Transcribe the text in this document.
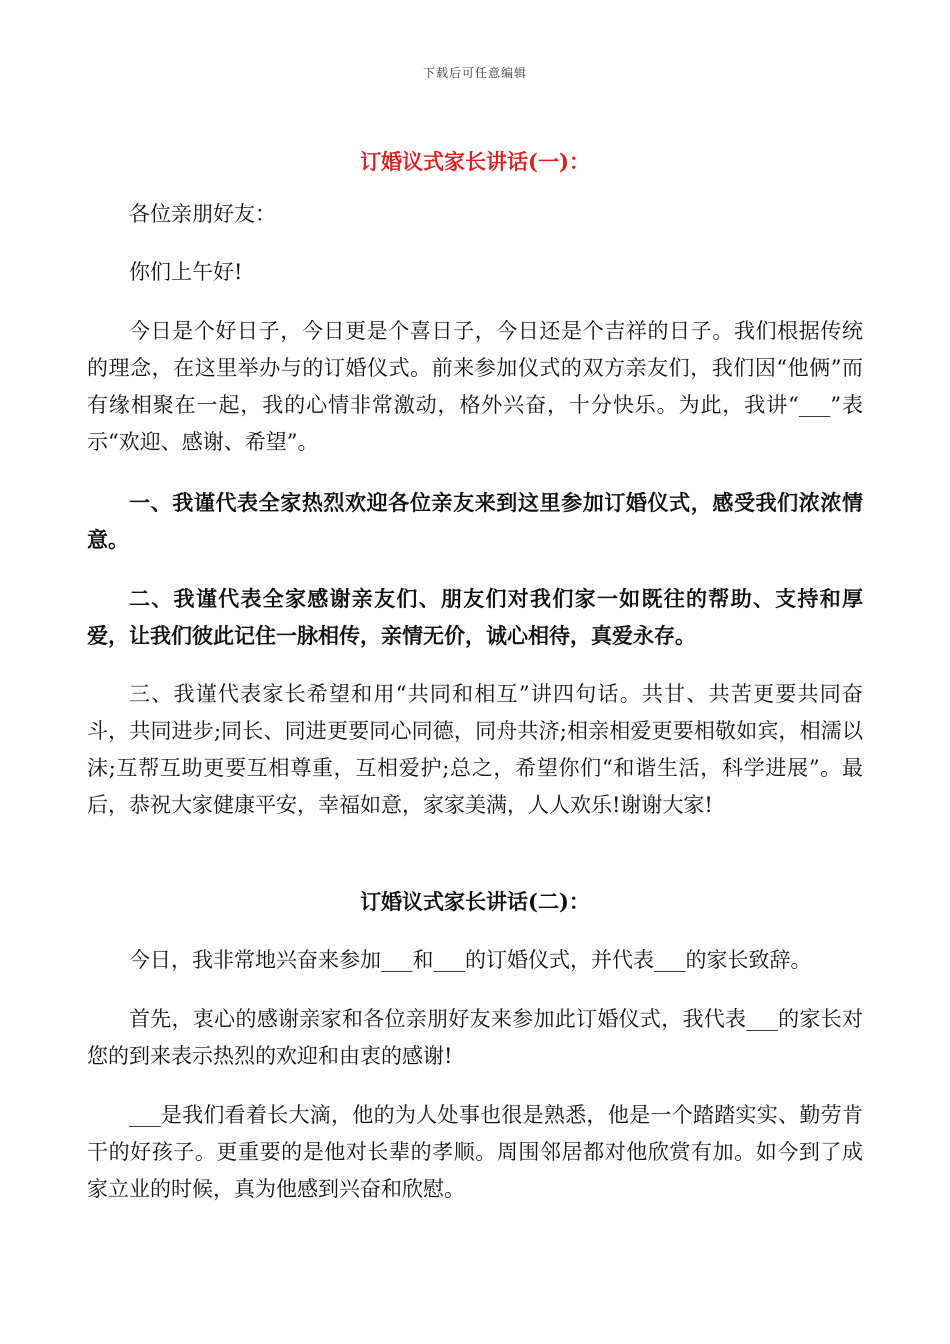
下载后可任意编辑
订婚议式家长讲话(一)：

各位亲朋好友：

你们上午好!

今日是个好日子，今日更是个喜日子，今日还是个吉祥的日子。我们根据传统的理念，在这里举办与的订婚仪式。前来参加仪式的双方亲友们，我们因“他俩”而有缘相聚在一起，我的心情非常激动，格外兴奋，十分快乐。为此，我讲“___”表示“欢迎、感谢、希望”。

一、我谨代表全家热烈欢迎各位亲友来到这里参加订婚仪式，感受我们浓浓情意。

二、我谨代表全家感谢亲友们、朋友们对我们家一如既往的帮助、支持和厚爱，让我们彼此记住一脉相传，亲情无价，诚心相待，真爱永存。

三、我谨代表家长希望和用“共同和相互”讲四句话。共甘、共苦更要共同奋斗，共同进步;同长、同进更要同心同德，同舟共济;相亲相爱更要相敬如宾，相濡以沫;互帮互助更要互相尊重，互相爱护;总之，希望你们“和谐生活，科学进展”。最后，恭祝大家健康平安，幸福如意，家家美满，人人欢乐!谢谢大家!

订婚议式家长讲话(二)：

今日，我非常地兴奋来参加___和___的订婚仪式，并代表___的家长致辞。

首先，衷心的感谢亲家和各位亲朋好友来参加此订婚仪式，我代表___的家长对您的到来表示热烈的欢迎和由衷的感谢!

___是我们看着长大滴，他的为人处事也很是熟悉，他是一个踏踏实实、勤劳肯干的好孩子。更重要的是他对长辈的孝顺。周围邻居都对他欣赏有加。如今到了成家立业的时候，真为他感到兴奋和欣慰。
